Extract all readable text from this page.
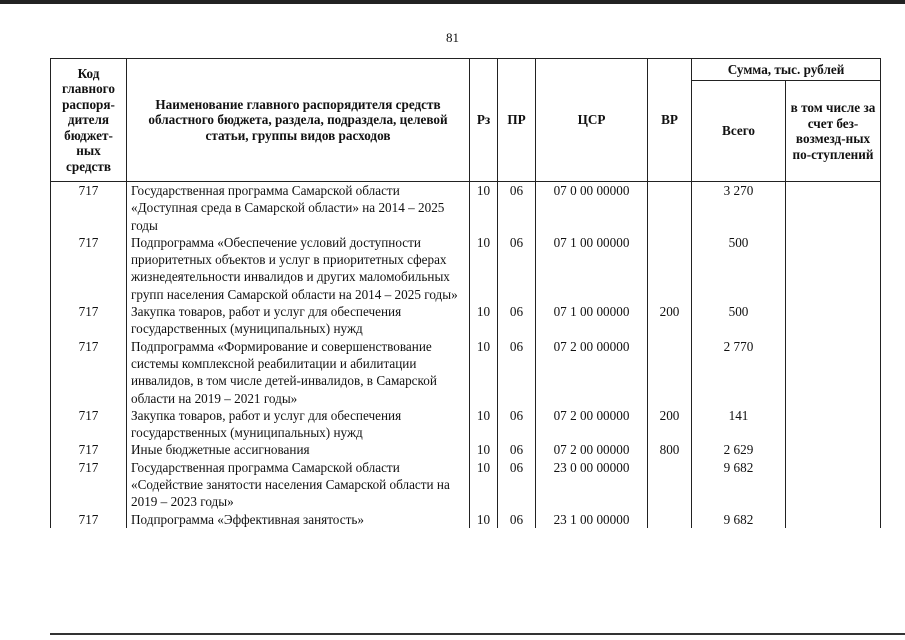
81
Код главного распоря-дителя бюджет-ных средств	Наименование главного распорядителя средств областного бюджета, раздела, подраздела, целевой статьи, группы видов расходов	Рз	ПР	ЦСР	ВР	Сумма, тыс. рублей	
						Всего	в том числе за счет без-возмезд-ных по-ступлений
717	Государственная программа Самарской области «Доступная среда в Самарской области» на 2014 – 2025 годы	10	06	07 0 00 00000		3 270	
717	Подпрограмма «Обеспечение условий доступности приоритетных объектов и услуг в приоритетных сферах жизнедеятельности инвалидов и других маломобильных групп населения Самарской области на 2014 – 2025 годы»	10	06	07 1 00 00000		500	
717	Закупка товаров, работ и услуг для обеспечения государственных (муниципальных) нужд	10	06	07 1 00 00000	200	500	
717	Подпрограмма «Формирование и совершенствование системы комплексной реабилитации и абилитации инвалидов, в том числе детей-инвалидов, в Самарской области на 2019 – 2021 годы»	10	06	07 2 00 00000		2 770	
717	Закупка товаров, работ и услуг для обеспечения государственных (муниципальных) нужд	10	06	07 2 00 00000	200	141	
717	Иные бюджетные ассигнования	10	06	07 2 00 00000	800	2 629	
717	Государственная программа Самарской области «Содействие занятости населения Самарской области на 2019 – 2023 годы»	10	06	23 0 00 00000		9 682	
717	Подпрограмма «Эффективная занятость»	10	06	23 1 00 00000		9 682	
